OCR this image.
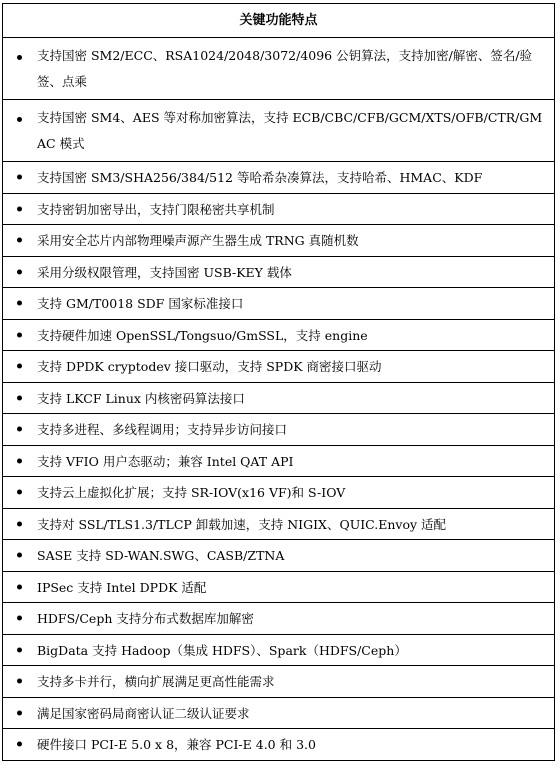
关键功能特点
支持国密 SM2/ECC、RSA1024/2048/3072/4096 公钥算法，支持加密/解密、签名/验签、点乘
支持国密 SM4、AES 等对称加密算法，支持 ECB/CBC/CFB/GCM/XTS/OFB/CTR/GMAC 模式
支持国密 SM3/SHA256/384/512 等哈希杂凑算法，支持哈希、HMAC、KDF
支持密钥加密导出，支持门限秘密共享机制
采用安全芯片内部物理噪声源产生器生成 TRNG 真随机数
采用分级权限管理，支持国密 USB-KEY 载体
支持 GM/T0018 SDF 国家标准接口
支持硬件加速 OpenSSL/Tongsuo/GmSSL，支持 engine
支持 DPDK cryptodev 接口驱动，支持 SPDK 商密接口驱动
支持 LKCF Linux 内核密码算法接口
支持多进程、多线程调用；支持异步访问接口
支持 VFIO 用户态驱动；兼容 Intel QAT API
支持云上虚拟化扩展；支持 SR-IOV(x16 VF)和 S-IOV
支持对 SSL/TLS1.3/TLCP 卸载加速，支持 NIGIX、QUIC.Envoy 适配
SASE 支持 SD-WAN.SWG、CASB/ZTNA
IPSec 支持 Intel DPDK 适配
HDFS/Ceph 支持分布式数据库加解密
BigData 支持 Hadoop（集成 HDFS）、Spark（HDFS/Ceph）
支持多卡并行，横向扩展满足更高性能需求
满足国家密码局商密认证二级认证要求
硬件接口 PCI-E 5.0 x 8，兼容 PCI-E 4.0 和 3.0
